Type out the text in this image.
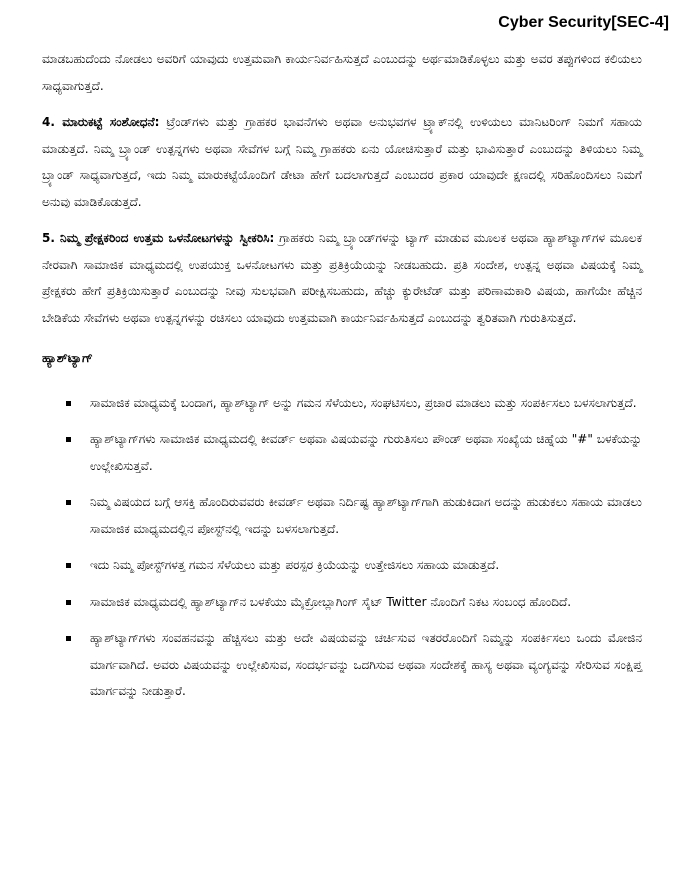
Cyber Security[SEC-4]

ಮಾಡಬಹುದೆಂದು ನೋಡಲು ಅವರಿಗೆ ಯಾವುದು ಉತ್ತಮವಾಗಿ ಕಾರ್ಯನಿರ್ವಹಿಸುತ್ತದೆ ಎಂಬುದನ್ನು ಅರ್ಥಮಾಡಿಕೊಳ್ಳಲು ಮತ್ತು ಅವರ ತಪ್ಪುಗಳಿಂದ ಕಲಿಯಲು ಸಾಧ್ಯವಾಗುತ್ತದೆ.

4. ಮಾರುಕಟ್ಟೆ ಸಂಶೋಧನೆ: ಟ್ರೆಂಡ್‌ಗಳು ಮತ್ತು ಗ್ರಾಹಕರ ಭಾವನೆಗಳು ಅಥವಾ ಅನುಭವಗಳ ಟ್ರ್ಯಾಕ್‌ನಲ್ಲಿ ಉಳಿಯಲು ಮಾನಿಟರಿಂಗ್ ನಿಮಗೆ ಸಹಾಯ ಮಾಡುತ್ತದೆ. ನಿಮ್ಮ ಬ್ರ್ಯಾಂಡ್ ಉತ್ಪನ್ನಗಳು ಅಥವಾ ಸೇವೆಗಳ ಬಗ್ಗೆ ನಿಮ್ಮ ಗ್ರಾಹಕರು ಏನು ಯೋಚಿಸುತ್ತಾರೆ ಮತ್ತು ಭಾವಿಸುತ್ತಾರೆ ಎಂಬುದನ್ನು ತಿಳಿಯಲು ನಿಮ್ಮ ಬ್ರ್ಯಾಂಡ್ ಸಾಧ್ಯವಾಗುತ್ತದೆ, ಇದು ನಿಮ್ಮ ಮಾರುಕಟ್ಟೆಯೊಂದಿಗೆ ಡೇಟಾ ಹೇಗೆ ಬದಲಾಗುತ್ತದೆ ಎಂಬುದರ ಪ್ರಕಾರ ಯಾವುದೇ ಕ್ಷಣದಲ್ಲಿ ಸರಿಹೊಂದಿಸಲು ನಿಮಗೆ ಅನುವು ಮಾಡಿಕೊಡುತ್ತದೆ.

5. ನಿಮ್ಮ ಪ್ರೇಕ್ಷಕರಿಂದ ಉತ್ತಮ ಒಳನೋಟಗಳನ್ನು ಸ್ವೀಕರಿಸಿ: ಗ್ರಾಹಕರು ನಿಮ್ಮ ಬ್ರ್ಯಾಂಡ್‌ಗಳನ್ನು ಟ್ಯಾಗ್ ಮಾಡುವ ಮೂಲಕ ಅಥವಾ ಹ್ಯಾಶ್‌ಟ್ಯಾಗ್‌ಗಳ ಮೂಲಕ ನೇರವಾಗಿ ಸಾಮಾಜಿಕ ಮಾಧ್ಯಮದಲ್ಲಿ ಉಪಯುಕ್ತ ಒಳನೋಟಗಳು ಮತ್ತು ಪ್ರತಿಕ್ರಿಯೆಯನ್ನು ನೀಡಬಹುದು. ಪ್ರತಿ ಸಂದೇಶ, ಉತ್ಪನ್ನ ಅಥವಾ ವಿಷಯಕ್ಕೆ ನಿಮ್ಮ ಪ್ರೇಕ್ಷಕರು ಹೇಗೆ ಪ್ರತಿಕ್ರಿಯಿಸುತ್ತಾರೆ ಎಂಬುದನ್ನು ನೀವು ಸುಲಭವಾಗಿ ಪರೀಕ್ಷಿಸಬಹುದು, ಹೆಚ್ಚು ಕ್ಯುರೇಟೆಡ್ ಮತ್ತು ಪರಿಣಾಮಕಾರಿ ವಿಷಯ, ಹಾಗೆಯೇ ಹೆಚ್ಚಿನ ಬೇಡಿಕೆಯ ಸೇವೆಗಳು ಅಥವಾ ಉತ್ಪನ್ನಗಳನ್ನು ರಚಿಸಲು ಯಾವುದು ಉತ್ತಮವಾಗಿ ಕಾರ್ಯನಿರ್ವಹಿಸುತ್ತದೆ ಎಂಬುದನ್ನು ತ್ವರಿತವಾಗಿ ಗುರುತಿಸುತ್ತದೆ.

ಹ್ಯಾಶ್‌ಟ್ಯಾಗ್
ಸಾಮಾಜಿಕ ಮಾಧ್ಯಮಕ್ಕೆ ಬಂದಾಗ, ಹ್ಯಾಶ್‌ಟ್ಯಾಗ್ ಅನ್ನು ಗಮನ ಸೆಳೆಯಲು, ಸಂಘಟಿಸಲು, ಪ್ರಚಾರ ಮಾಡಲು ಮತ್ತು ಸಂಪರ್ಕಿಸಲು ಬಳಸಲಾಗುತ್ತದೆ.
ಹ್ಯಾಶ್‌ಟ್ಯಾಗ್‌ಗಳು ಸಾಮಾಜಿಕ ಮಾಧ್ಯಮದಲ್ಲಿ ಕೀವರ್ಡ್ ಅಥವಾ ವಿಷಯವನ್ನು ಗುರುತಿಸಲು ಪೌಂಡ್ ಅಥವಾ ಸಂಖ್ಯೆಯ ಚಿಹ್ನೆಯ "#" ಬಳಕೆಯನ್ನು ಉಲ್ಲೇಖಿಸುತ್ತವೆ.
ನಿಮ್ಮ ವಿಷಯದ ಬಗ್ಗೆ ಆಸಕ್ತಿ ಹೊಂದಿರುವವರು ಕೀವರ್ಡ್ ಅಥವಾ ನಿರ್ದಿಷ್ಟ ಹ್ಯಾಶ್‌ಟ್ಯಾಗ್‌ಗಾಗಿ ಹುಡುಕಿದಾಗ ಅದನ್ನು ಹುಡುಕಲು ಸಹಾಯ ಮಾಡಲು ಸಾಮಾಜಿಕ ಮಾಧ್ಯಮದಲ್ಲಿನ ಪೋಸ್ಟ್‌ನಲ್ಲಿ ಇದನ್ನು ಬಳಸಲಾಗುತ್ತದೆ.
ಇದು ನಿಮ್ಮ ಪೋಸ್ಟ್‌ಗಳತ್ತ ಗಮನ ಸೆಳೆಯಲು ಮತ್ತು ಪರಸ್ಪರ ಕ್ರಿಯೆಯನ್ನು ಉತ್ತೇಜಿಸಲು ಸಹಾಯ ಮಾಡುತ್ತದೆ.
ಸಾಮಾಜಿಕ ಮಾಧ್ಯಮದಲ್ಲಿ ಹ್ಯಾಶ್‌ಟ್ಯಾಗ್‌ನ ಬಳಕೆಯು ಮೈಕ್ರೋಬ್ಲಾಗಿಂಗ್ ಸೈಟ್ Twitter ನೊಂದಿಗೆ ನಿಕಟ ಸಂಬಂಧ ಹೊಂದಿದೆ.
ಹ್ಯಾಶ್‌ಟ್ಯಾಗ್‌ಗಳು ಸಂವಹನವನ್ನು ಹೆಚ್ಚಿಸಲು ಮತ್ತು ಅದೇ ವಿಷಯವನ್ನು ಚರ್ಚಿಸುವ ಇತರರೊಂದಿಗೆ ನಿಮ್ಮನ್ನು ಸಂಪರ್ಕಿಸಲು ಒಂದು ಮೋಜಿನ ಮಾರ್ಗವಾಗಿದೆ. ಅವರು ವಿಷಯವನ್ನು ಉಲ್ಲೇಖಿಸುವ, ಸಂದರ್ಭವನ್ನು ಒದಗಿಸುವ ಅಥವಾ ಸಂದೇಶಕ್ಕೆ ಹಾಸ್ಯ ಅಥವಾ ವ್ಯಂಗ್ಯವನ್ನು ಸೇರಿಸುವ ಸಂಕ್ಷಿಪ್ತ ಮಾರ್ಗವನ್ನು ನೀಡುತ್ತಾರೆ.
